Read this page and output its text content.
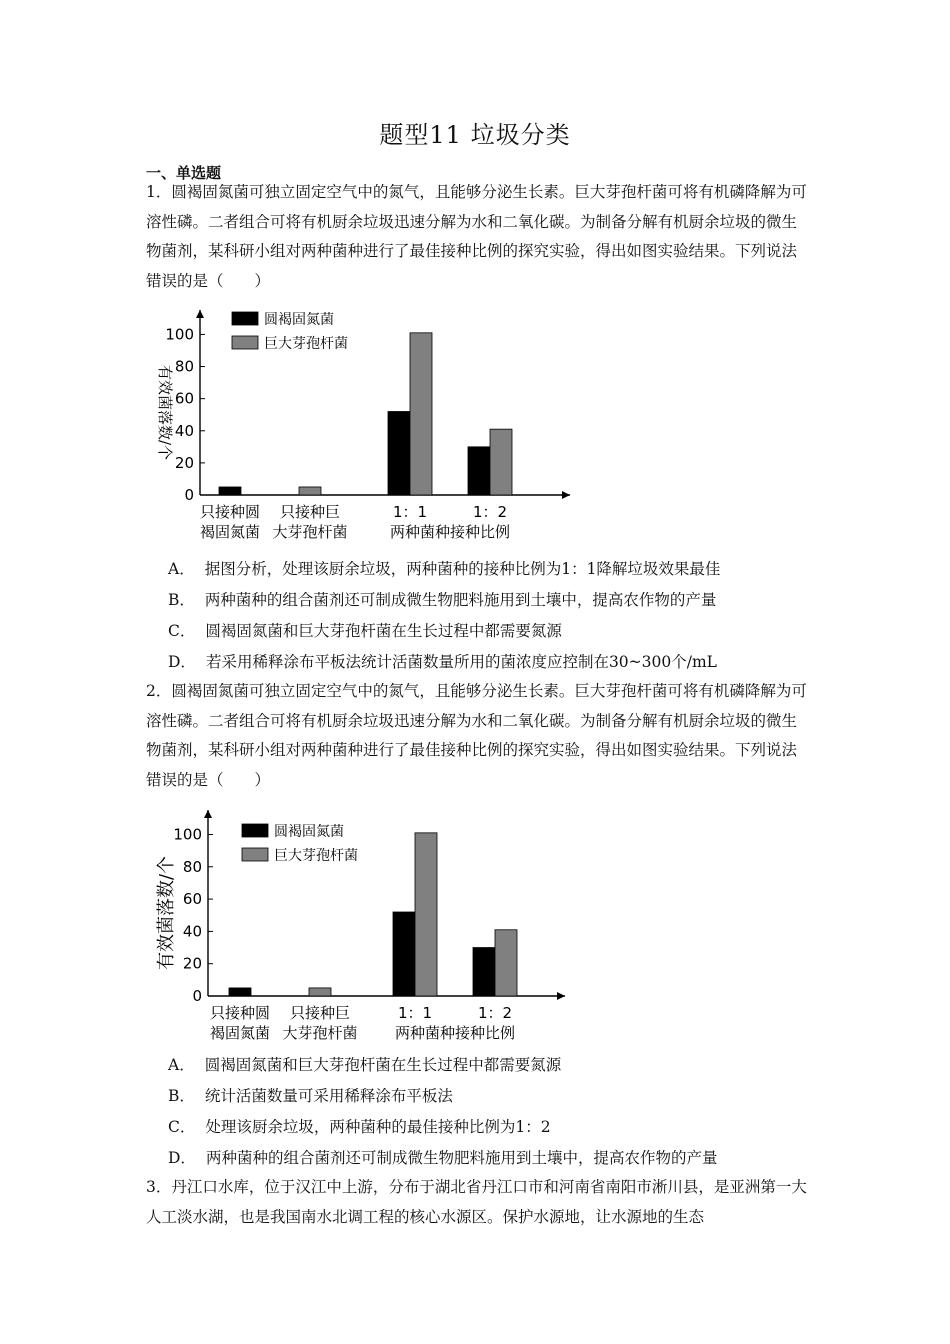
题型11 垃圾分类
一、单选题
1．圆褐固氮菌可独立固定空气中的氮气，且能够分泌生长素。巨大芽孢杆菌可将有机磷降解为可溶性磷。二者组合可将有机厨余垃圾迅速分解为水和二氧化碳。为制备分解有机厨余垃圾的微生物菌剂，某科研小组对两种菌种进行了最佳接种比例的探究实验，得出如图实验结果。下列说法错误的是（　　）
0
20
40
60
80
100
有效菌落数/个
只接种圆
褐固氮菌
只接种巨
大芽孢杆菌
1：1	1：2
两种菌种接种比例
圆褐固氮菌
巨大芽孢杆菌
A． 据图分析，处理该厨余垃圾，两种菌种的接种比例为1：1降解垃圾效果最佳
B． 两种菌种的组合菌剂还可制成微生物肥料施用到土壤中，提高农作物的产量
C． 圆褐固氮菌和巨大芽孢杆菌在生长过程中都需要氮源
D． 若采用稀释涂布平板法统计活菌数量所用的菌浓度应控制在30~300个/mL
2．圆褐固氮菌可独立固定空气中的氮气，且能够分泌生长素。巨大芽孢杆菌可将有机磷降解为可溶性磷。二者组合可将有机厨余垃圾迅速分解为水和二氧化碳。为制备分解有机厨余垃圾的微生物菌剂，某科研小组对两种菌种进行了最佳接种比例的探究实验，得出如图实验结果。下列说法错误的是（　　）
0
20
40
60
80
100
有效菌落数/个
只接种圆
褐固氮菌
只接种巨
大芽孢杆菌
1：1	1：2
两种菌种接种比例
圆褐固氮菌
巨大芽孢杆菌
A． 圆褐固氮菌和巨大芽孢杆菌在生长过程中都需要氮源
B． 统计活菌数量可采用稀释涂布平板法
C． 处理该厨余垃圾，两种菌种的最佳接种比例为1：2
D． 两种菌种的组合菌剂还可制成微生物肥料施用到土壤中，提高农作物的产量
3．丹江口水库，位于汉江中上游，分布于湖北省丹江口市和河南省南阳市淅川县，是亚洲第一大人工淡水湖，也是我国南水北调工程的核心水源区。保护水源地，让水源地的生态
